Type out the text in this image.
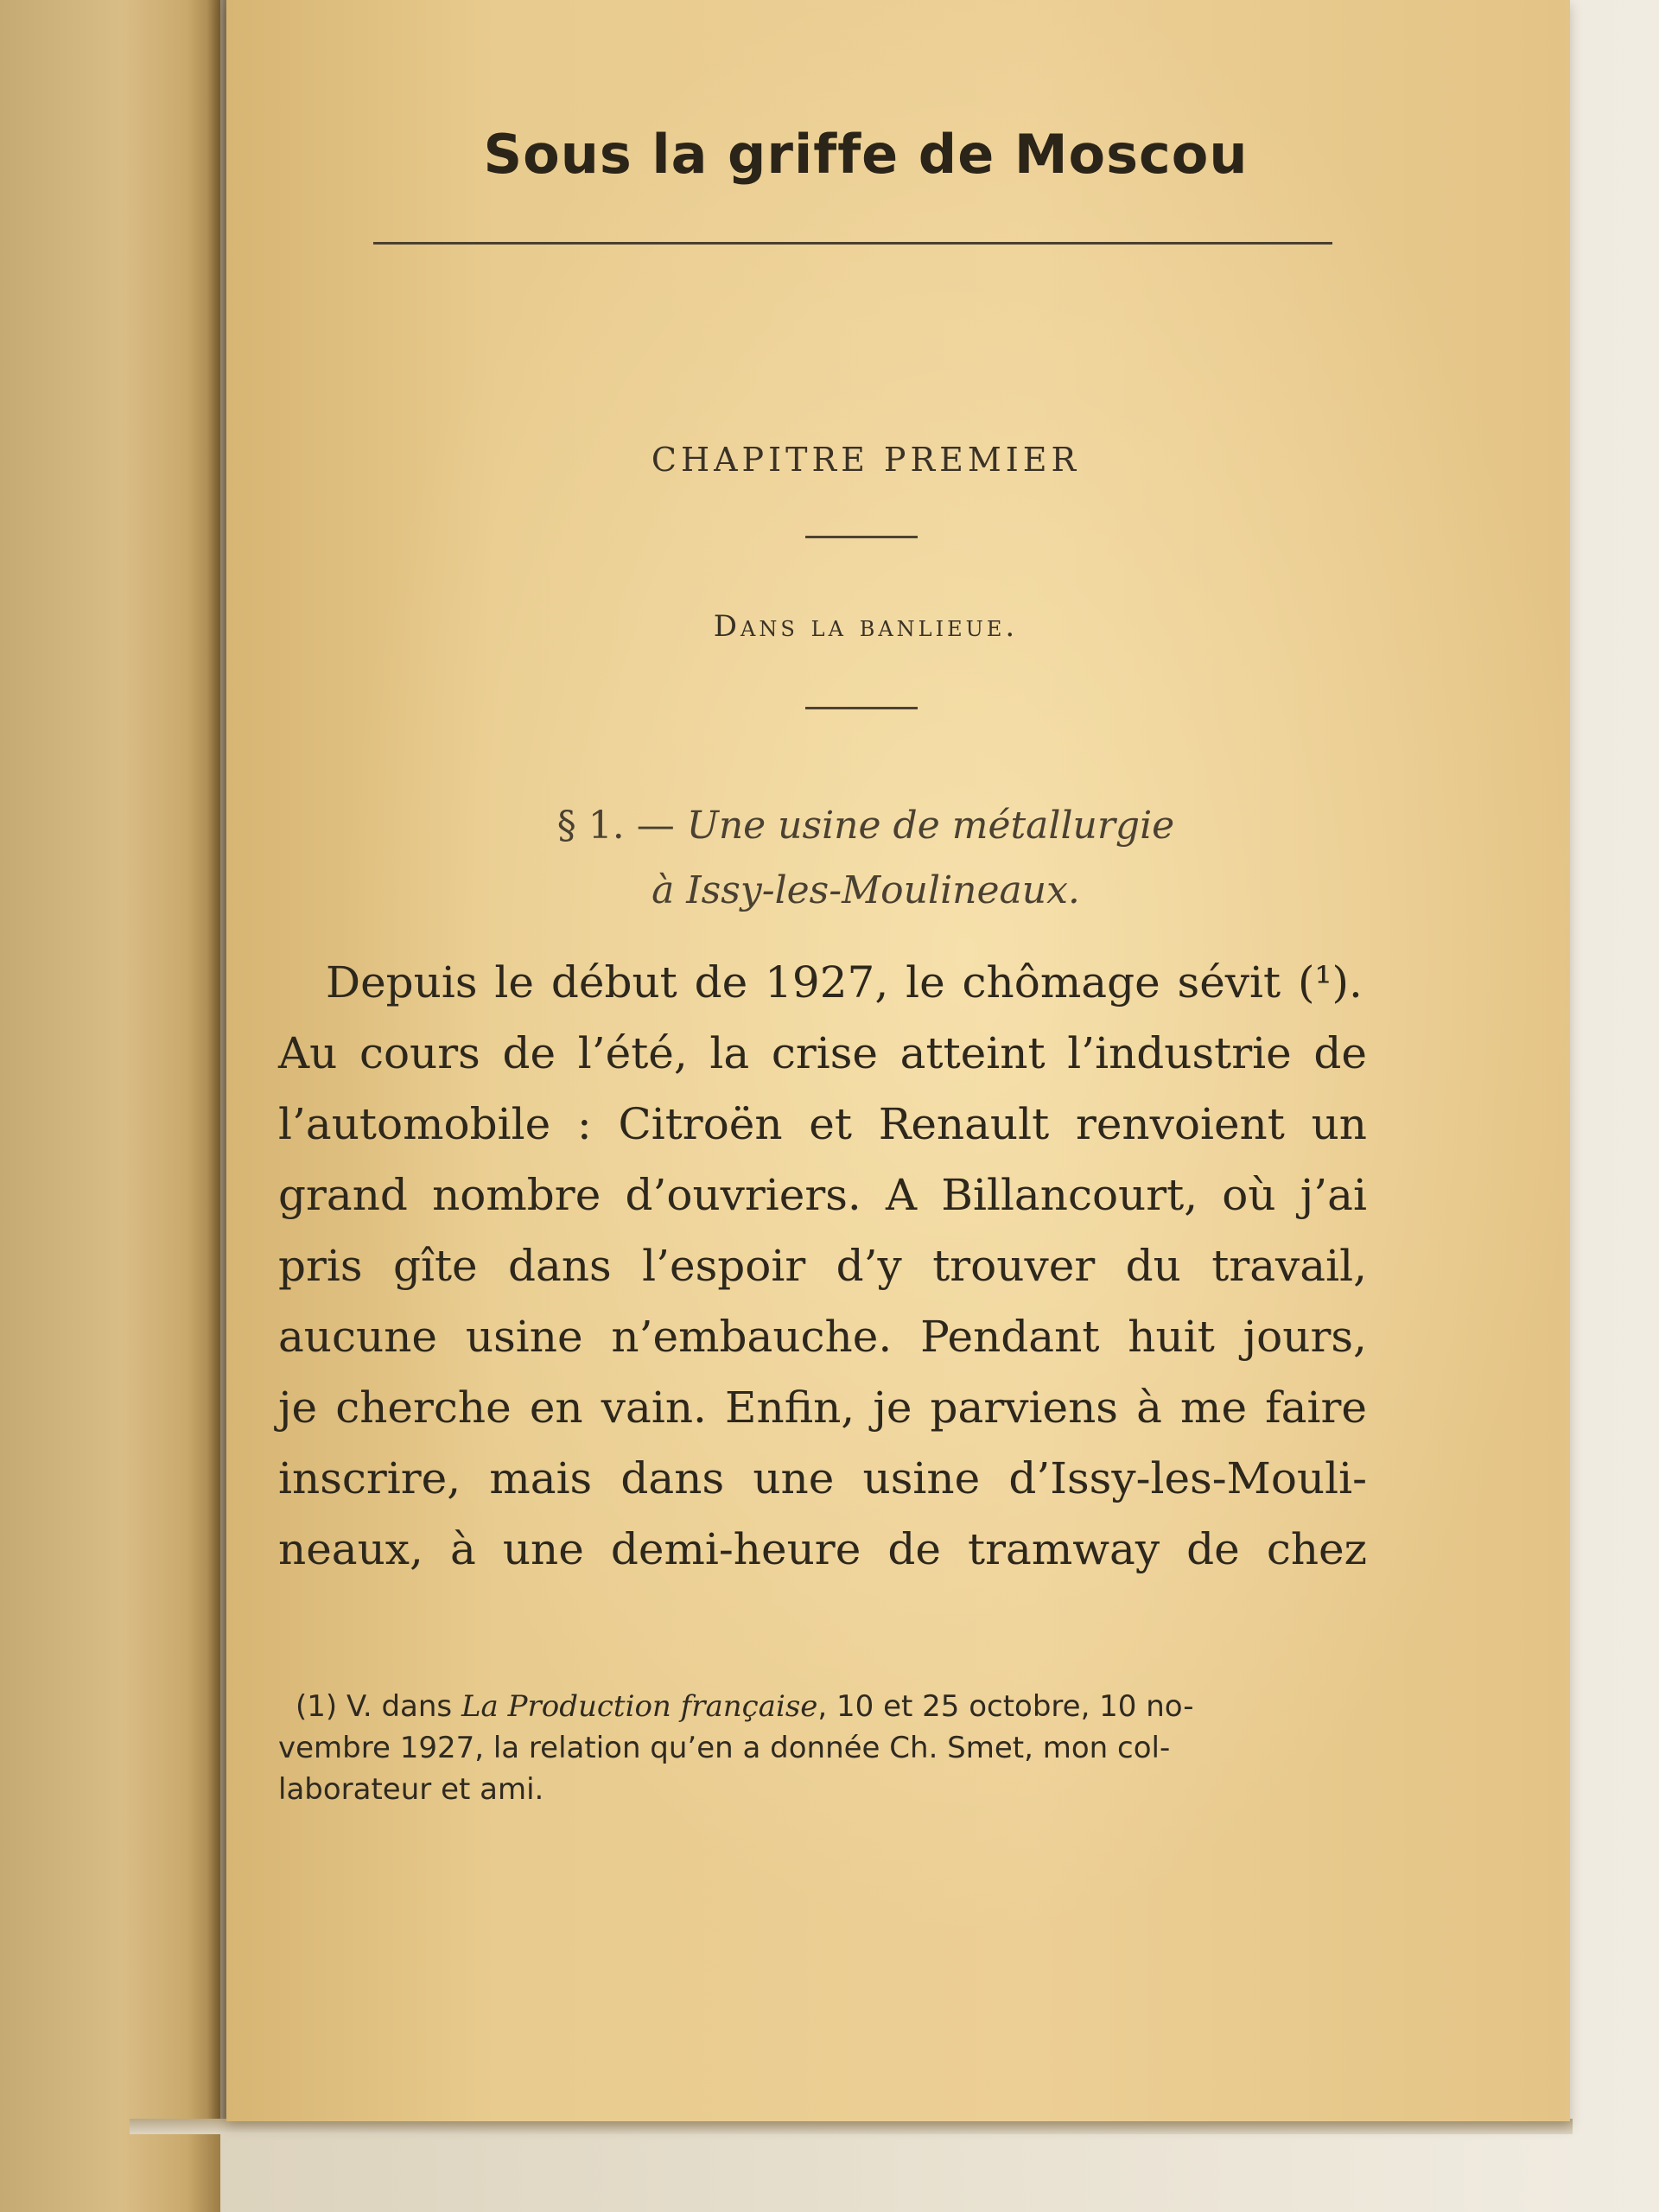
Sous la griffe de Moscou
CHAPITRE PREMIER
Dans la banlieue.
§ 1. — Une usine de métallurgie
à Issy-les-Moulineaux.
Depuis le début de 1927, le chômage sévit (¹).
Au cours de l’été, la crise atteint l’industrie de
l’automobile : Citroën et Renault renvoient un
grand nombre d’ouvriers. A Billancourt, où j’ai
pris gîte dans l’espoir d’y trouver du travail,
aucune usine n’embauche. Pendant huit jours,
je cherche en vain. Enfin, je parviens à me faire
inscrire, mais dans une usine d’Issy-les-Mouli-
neaux, à une demi-heure de tramway de chez
(1) V. dans La Production française, 10 et 25 octobre, 10 no-
vembre 1927, la relation qu’en a donnée Ch. Smet, mon col-
laborateur et ami.
